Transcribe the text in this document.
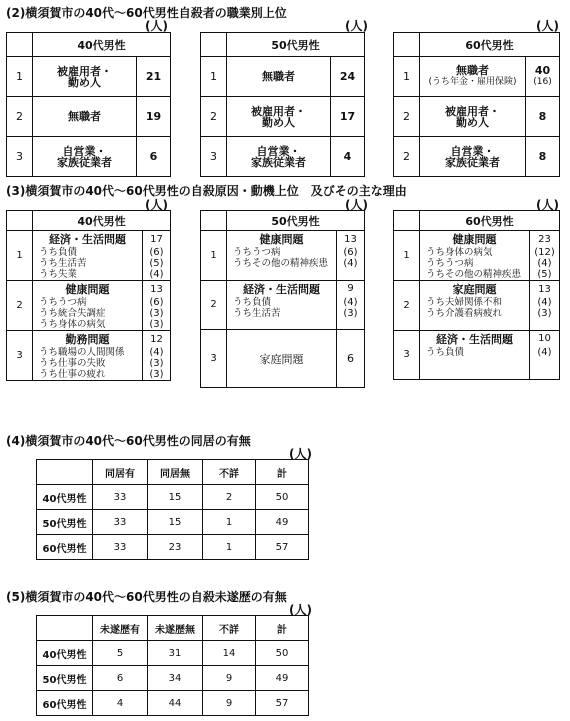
(2)横須賀市の40代～60代男性自殺者の職業別上位
(人)	(人)	(人)
	40代男性	
1	被雇用者・
勤め人	21
2	無職者	19
3	自営業・
家族従業者	6
	50代男性	
1	無職者	24
2	被雇用者・
勤め人	17
3	自営業・
家族従業者	4
	60代男性	
1	無職者
(うち年金・雇用保険)	40
(16)

2	被雇用者・
勤め人	8
2	自営業・
家族従業者	8
(3)横須賀市の40代～60代男性の自殺原因・動機上位　及びその主な理由
(人)	(人)	(人)
	40代男性	
1	経済・生活問題	17
	うち負債	(6)
	うち生活苦	(5)
	うち失業	(4)
2	健康問題	13
	うちうつ病	(6)
	うち統合失調症	(3)
	うち身体の病気	(3)
3	勤務問題	12
	うち職場の人間関係	(4)
	うち仕事の失敗	(3)
	うち仕事の疲れ	(3)
	50代男性	
1	健康問題	13
	うちうつ病	(6)
	うちその他の精神疾患	(4)

2	経済・生活問題	9
	うち負債	(4)
	うち生活苦	(3)

3	家庭問題	6
	60代男性	
1	健康問題	23
	うち身体の病気	(12)
	うちうつ病	(4)
	うちその他の精神疾患	(5)
2	家庭問題	13
	うち夫婦関係不和	(4)
	うち介護看病疲れ	(3)

3	経済・生活問題	10
	うち負債	(4)

(4)横須賀市の40代～60代男性の同居の有無
(人)
	同居有	同居無	不詳	計
40代男性	33	15	2	50
50代男性	33	15	1	49
60代男性	33	23	1	57
(5)横須賀市の40代～60代男性の自殺未遂歴の有無
(人)
	未遂歴有	未遂歴無	不詳	計
40代男性	5	31	14	50
50代男性	6	34	9	49
60代男性	4	44	9	57
